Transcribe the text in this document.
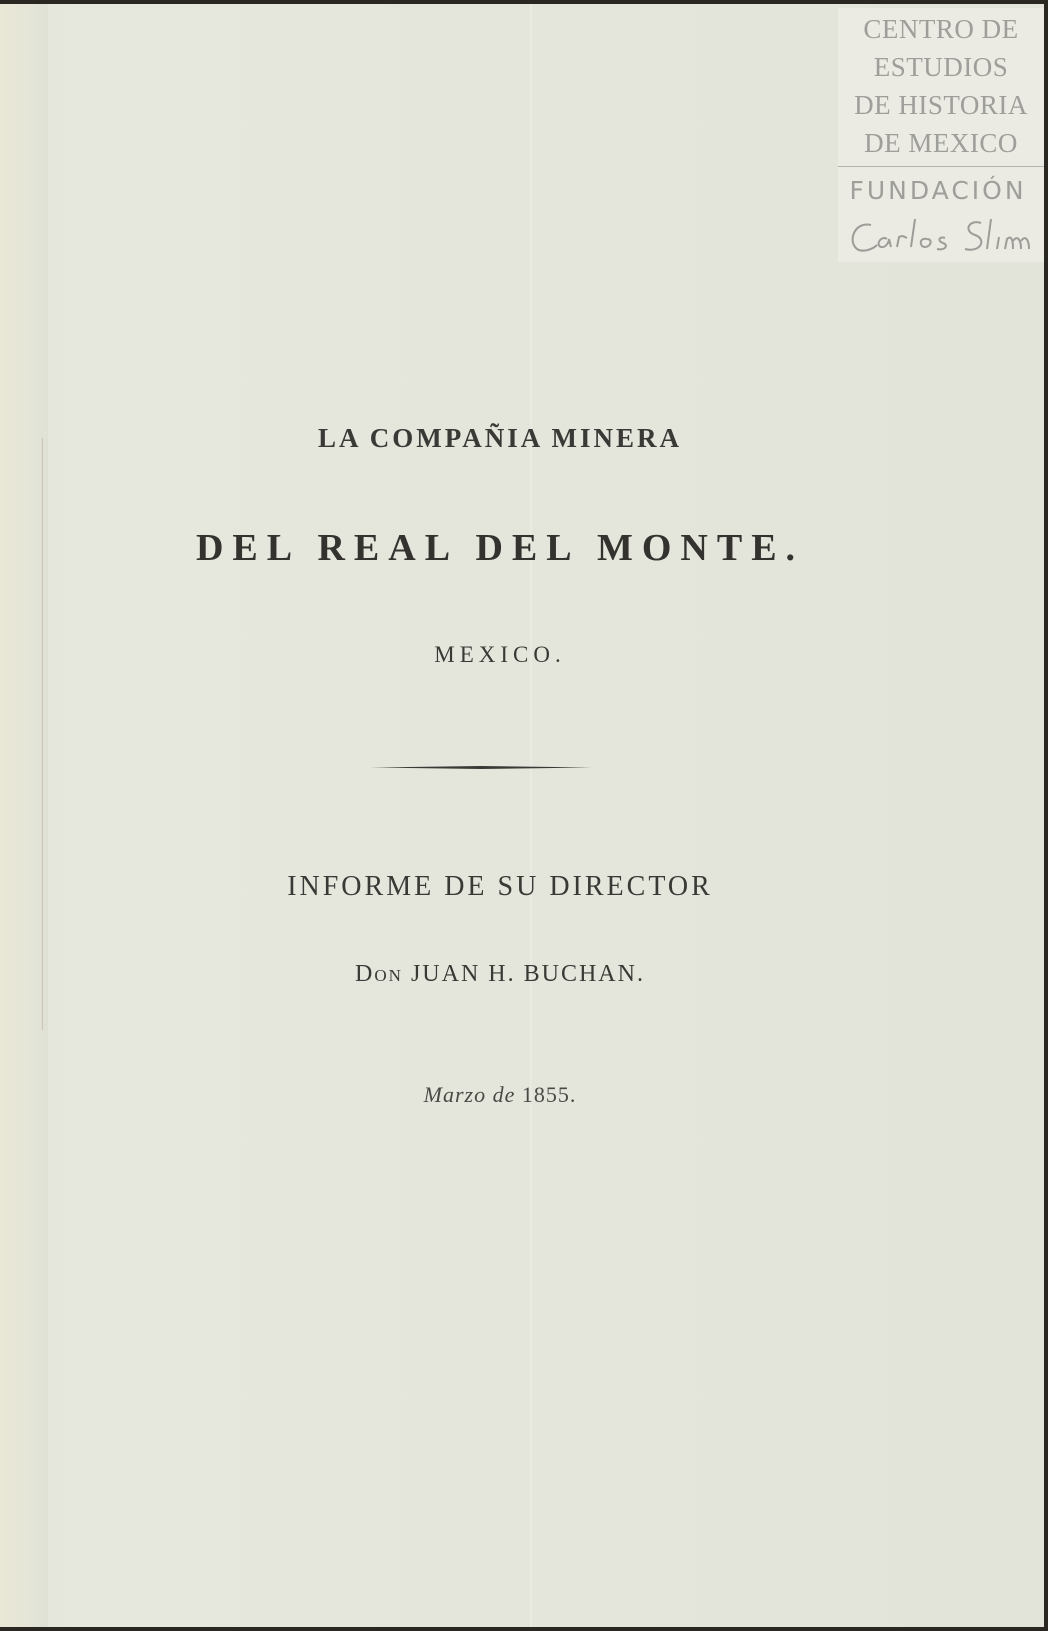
CENTRO DE
ESTUDIOS
DE HISTORIA
DE MEXICO
FUNDACIÓN
LA COMPAÑIA MINERA
DEL REAL DEL MONTE.
MEXICO.
INFORME DE SU DIRECTOR
Don JUAN H. BUCHAN.
Marzo de 1855.
